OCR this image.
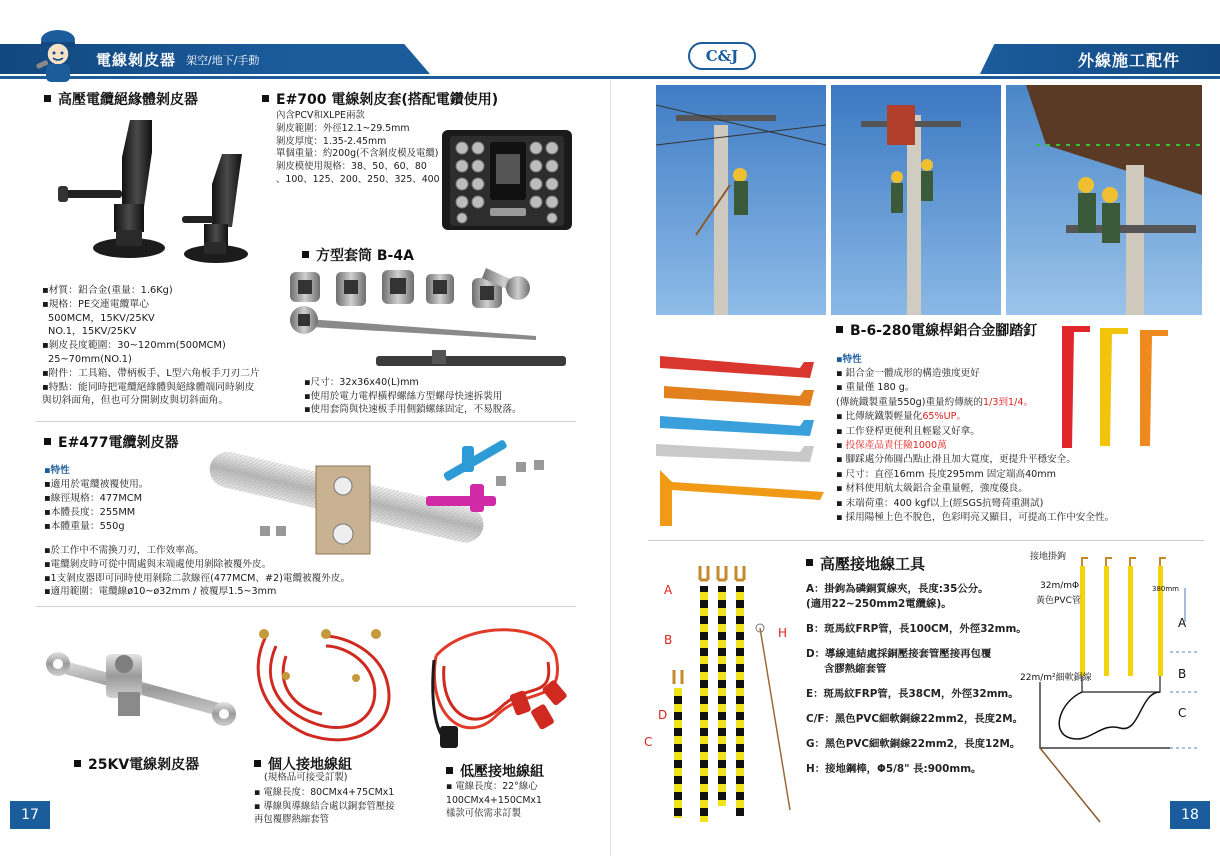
電線剝皮器 架空/地下/手動	外線施工配件
C&J
高壓電纜絕緣體剝皮器
▪材質：鋁合金(重量：1.6Kg)
▪規格：PE交連電纜單心
500MCM，15KV/25KV
NO.1，15KV/25KV
▪剝皮長度範圍：30~120mm(500MCM)
25~70mm(NO.1)
▪附件：工具箱、帶柄板手、L型六角板手刀刃二片
▪特點：能同時把電纜絕緣體與絕緣體端同時剝皮
與切斜面角，但也可分開剝皮與切斜面角。
E#700 電線剝皮套(搭配電鑽使用)
內含PCV和XLPE兩款
剝皮範圍：外徑12.1~29.5mm
剝皮厚度：1.35-2.45mm
單個重量：約200g(不含剝皮模及電纜)
剝皮模使用規格：38、50、60、80
、100、125、200、250、325、400
方型套筒 B-4A
▪尺寸：32x36x40(L)mm
▪使用於電力電桿橫桿螺絲方型螺母快速拆裝用
▪使用套筒與快速板手用側鎖螺絲固定，不易脫落。
E#477電纜剝皮器
▪特性
▪適用於電纜被覆使用。
▪線徑規格：477MCM
▪本體長度：255MM
▪本體重量：550g
▪於工作中不需換刀刃，工作效率高。
▪電纜剝皮時可從中間處與末端處使用剝除被覆外皮。
▪1支剝皮器即可同時使用剝除二款線徑(477MCM、#2)電纜被覆外皮。
▪適用範圍：電纜線ø10~ø32mm / 被覆厚1.5~3mm
25KV電線剝皮器	個人接地線組
(規格品可接受訂製)
▪ 電線長度：80CMx4+75CMx1
▪ 導線與導線結合處以銅套管壓接
再包覆膠熱縮套管
低壓接地線組
▪ 電線長度：22°線心
100CMx4+150CMx1
樣款可依需求訂製
17
B-6-280電線桿鋁合金腳踏釘
▪特性
▪ 鋁合金一體成形的構造強度更好
▪ 重量僅 180 g。
(傳統鐵製重量550g)重量約傳統的1/3到1/4。
▪ 比傳統鐵製輕量化65%UP。
▪ 工作登桿更便利且輕鬆又好拿。
▪ 投保產品責任險1000萬
▪ 腳踩處分佈圓凸點止滑且加大寬度，更提升平穩安全。
▪ 尺寸：直徑16mm 長度295mm 固定端高40mm
▪ 材料使用航太級鋁合金重量輕，強度優良。
▪ 末端荷重：400 kgf以上(經SGS抗彎荷重測試)
▪ 採用陽極上色不脫色，色彩明亮又顯目，可提高工作中安全性。
高壓接地線工具
A：掛鉤為磷銅質線夾，長度:35公分。
(適用22~250mm2電纜線)。
B：斑馬紋FRP管，長100CM，外徑32mm。
D：導線連結處採銅壓接套管壓接再包覆
含膠熱縮套管
E：斑馬紋FRP管，長38CM，外徑32mm。
C/F：黑色PVC細軟銅線22mm2，長度2M。
G：黑色PVC細軟銅線22mm2，長度12M。
H：接地鋼棒，Φ5/8" 長:900mm。
A
B
D
C
H
接地掛鉤
32m/mΦ
黃色PVC管
380mm
22m/m²細軟銅線
A
B
C
18
